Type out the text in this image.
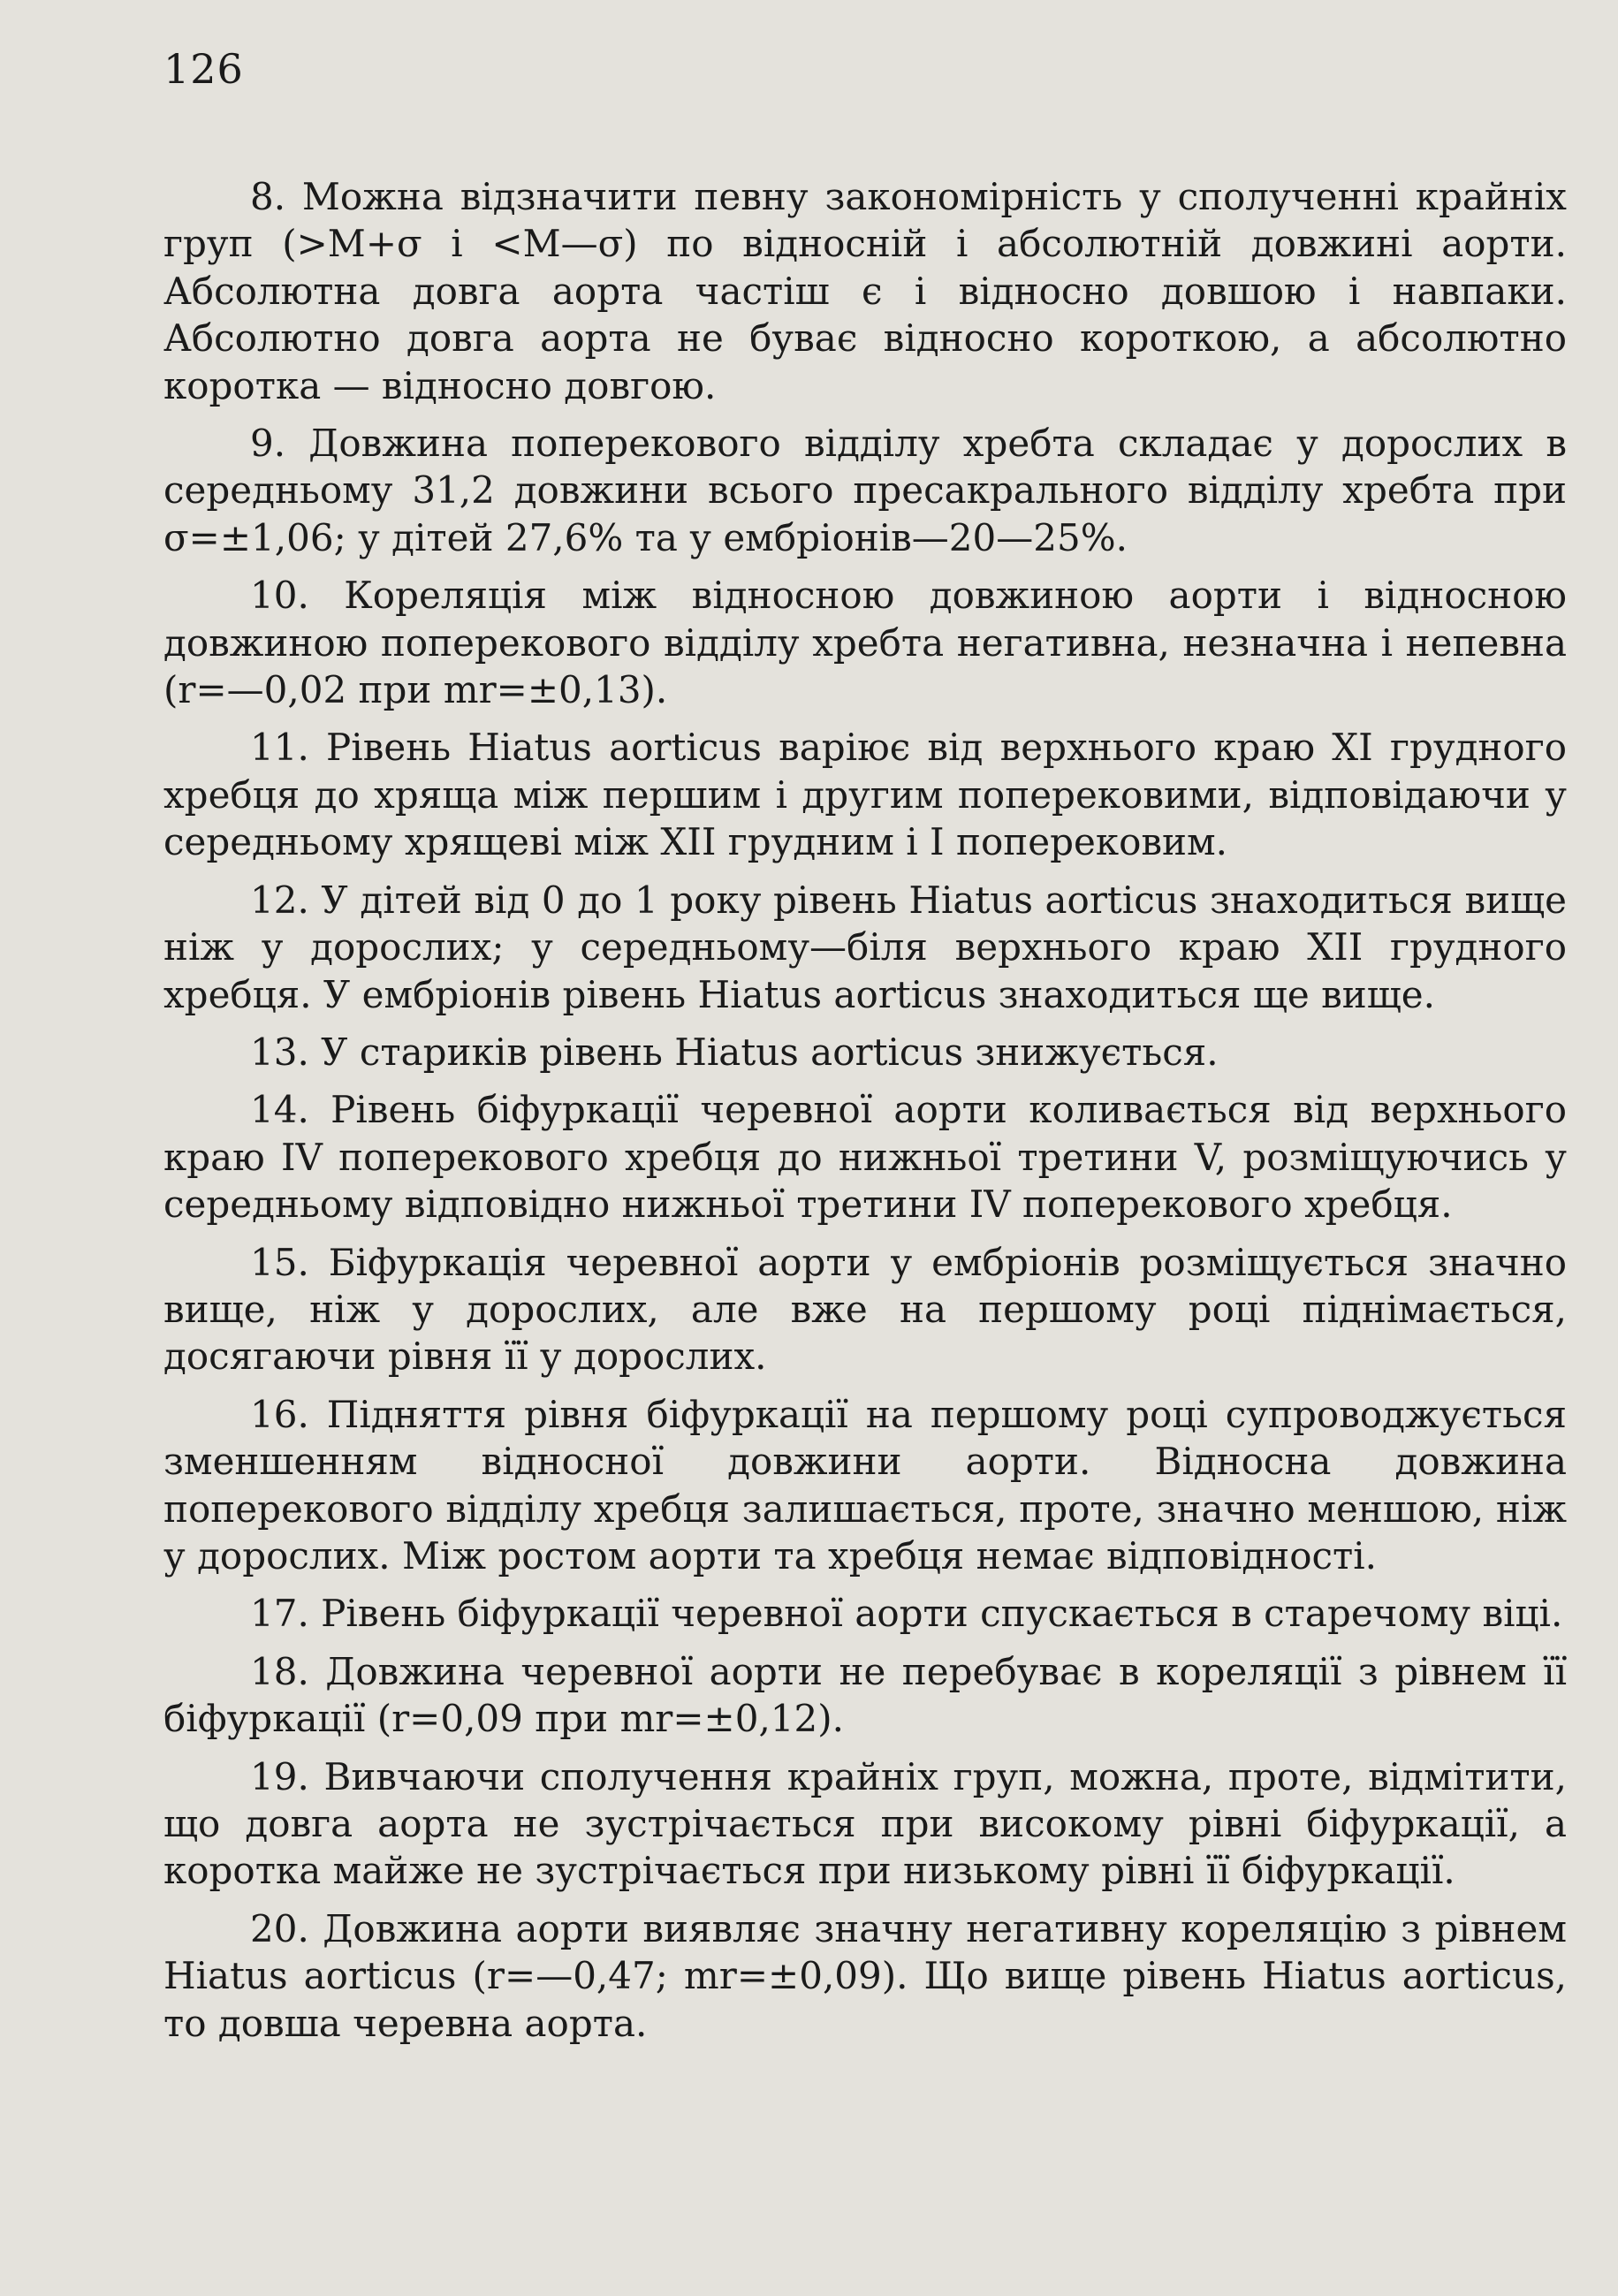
126

8. Можна відзначити певну закономірність у сполученні крайніх груп (>M+σ і <M—σ) по відносній і абсолютній довжині аорти. Абсолютна довга аорта частіш є і відносно довшою і навпаки. Абсолютно довга аорта не буває відносно короткою, а абсолютно коротка — відносно довгою.

9. Довжина поперекового відділу хребта складає у дорослих в середньому 31,2 довжини всього пресакрального відділу хребта при σ=±1,06; у дітей 27,6% та у ембріонів—20—25%.

10. Кореляція між відносною довжиною аорти і відносною довжиною поперекового відділу хребта негативна, незначна і непевна (r=—0,02 при mr=±0,13).

11. Рівень Hiatus aorticus варіює від верхнього краю XI грудного хребця до хряща між першим і другим поперековими, відповідаючи у середньому хрящеві між XII грудним і I поперековим.

12. У дітей від 0 до 1 року рівень Hiatus aorticus знаходиться вище ніж у дорослих; у середньому—біля верхнього краю XII грудного хребця. У ембріонів рівень Hiatus aorticus знаходиться ще вище.

13. У стариків рівень Hiatus aorticus знижується.

14. Рівень біфуркації черевної аорти коливається від верхнього краю IV поперекового хребця до нижньої третини V, розміщуючись у середньому відповідно нижньої третини IV поперекового хребця.

15. Біфуркація черевної аорти у ембріонів розміщується значно вище, ніж у дорослих, але вже на першому році піднімається, досягаючи рівня її у дорослих.

16. Підняття рівня біфуркації на першому році супроводжується зменшенням відносної довжини аорти. Відносна довжина поперекового відділу хребця залишається, проте, значно меншою, ніж у дорослих. Між ростом аорти та хребця немає відповідності.

17. Рівень біфуркації черевної аорти спускається в старечому віці.

18. Довжина черевної аорти не перебуває в кореляції з рівнем її біфуркації (r=0,09 при mr=±0,12).

19. Вивчаючи сполучення крайніх груп, можна, проте, відмітити, що довга аорта не зустрічається при високому рівні біфуркації, а коротка майже не зустрічається при низькому рівні її біфуркації.

20. Довжина аорти виявляє значну негативну кореляцію з рівнем Hiatus aorticus (r=—0,47; mr=±0,09). Що вище рівень Hiatus aorticus, то довша черевна аорта.
